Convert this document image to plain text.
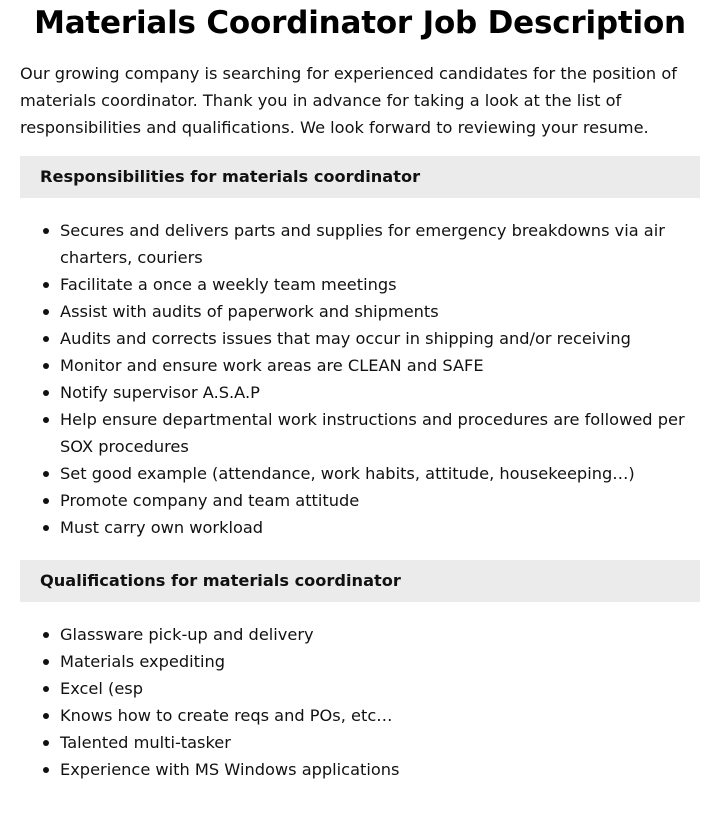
Materials Coordinator Job Description

Our growing company is searching for experienced candidates for the position of materials coordinator. Thank you in advance for taking a look at the list of responsibilities and qualifications. We look forward to reviewing your resume.

Responsibilities for materials coordinator
Secures and delivers parts and supplies for emergency breakdowns via air charters, couriers
Facilitate a once a weekly team meetings
Assist with audits of paperwork and shipments
Audits and corrects issues that may occur in shipping and/or receiving
Monitor and ensure work areas are CLEAN and SAFE
Notify supervisor A.S.A.P
Help ensure departmental work instructions and procedures are followed per SOX procedures
Set good example (attendance, work habits, attitude, housekeeping…)
Promote company and team attitude
Must carry own workload
Qualifications for materials coordinator
Glassware pick-up and delivery
Materials expediting
Excel (esp
Knows how to create reqs and POs, etc…
Talented multi-tasker
Experience with MS Windows applications
